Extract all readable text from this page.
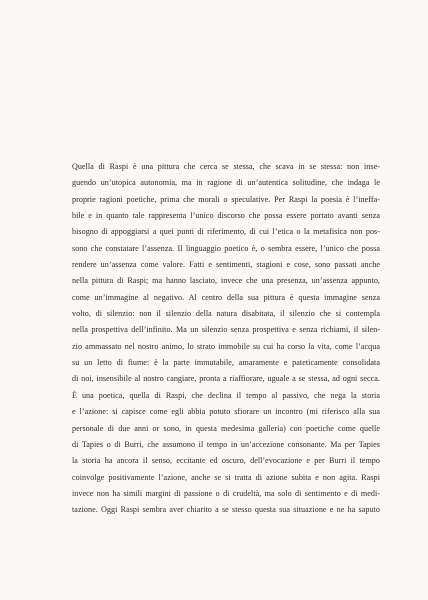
Quella di Raspi è una pittura che cerca se stessa, che scava in se stessa: non inse-
guendo un’utopica autonomia, ma in ragione di un’autentica solitudine, che indaga le
proprie ragioni poetiche, prima che morali o speculative. Per Raspi la poesia è l’ineffa-
bile e in quanto tale rappresenta l’unico discorso che possa essere portato avanti senza
bisogno di appoggiarsi a quei punti di riferimento, di cui l’etica o la metafisica non pos-
sono che constatare l’assenza. Il linguaggio poetico è, o sembra essere, l’unico che possa
rendere un’assenza come valore. Fatti e sentimenti, stagioni e cose, sono passati anche
nella pittura di Raspi; ma hanno lasciato, invece che una presenza, un’assenza appunto,
come un’immagine al negativo. Al centro della sua pittura è questa immagine senza
volto, di silenzio: non il silenzio della natura disabitata, il silenzio che si contempla
nella prospettiva dell’infinito. Ma un silenzio senza prospettiva e senza richiami, il silen-
zio ammassato nel nostro animo, lo strato immobile su cui ha corso la vita, come l’acqua
su un letto di fiume: è la parte immutabile, amaramente e pateticamente consolidata
di noi, insensibile al nostro cangiare, pronta a riaffiorare, uguale a se stessa, ad ogni secca.
È una poetica, quella di Raspi, che declina il tempo al passivo, che nega la storia
e l’azione: si capisce come egli abbia potuto sfiorare un incontro (mi riferisco alla sua
personale di due anni or sono, in questa medesima galleria) con poetiche come quelle
di Tapies o di Burri, che assumono il tempo in un’accezione consonante. Ma per Tapies
la storia ha ancora il senso, eccitante ed oscuro, dell’evocazione e per Burri il tempo
coinvolge positivamente l’azione, anche se si tratta di azione subita e non agita. Raspi
invece non ha simili margini di passione o di crudeltà, ma solo di sentimento e di medi-
tazione. Oggi Raspi sembra aver chiarito a se stesso questa sua situazione e ne ha saputo
